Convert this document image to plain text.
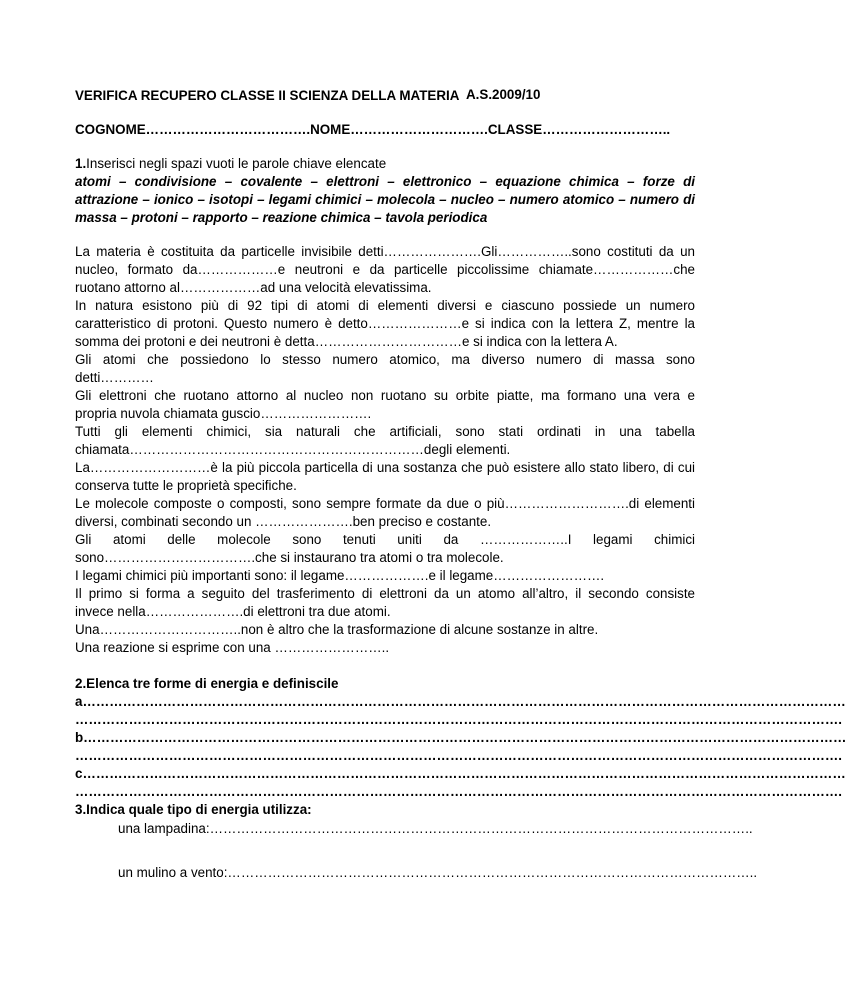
VERIFICA RECUPERO CLASSE II SCIENZA DELLA MATERIA A.S.2009/10
COGNOME……………………………….NOME………………………….CLASSE………………………..
1.Inserisci negli spazi vuoti le parole chiave elencate
atomi – condivisione – covalente – elettroni – elettronico – equazione chimica – forze di
attrazione – ionico – isotopi – legami chimici – molecola – nucleo – numero atomico – numero di
massa – protoni – rapporto – reazione chimica – tavola periodica
La materia è costituita da particelle invisibile detti………………….Gli……………..sono costituti da un
nucleo, formato da………………e neutroni e da particelle piccolissime chiamate………………che
ruotano attorno al………………ad una velocità elevatissima.
In natura esistono più di 92 tipi di atomi di elementi diversi e ciascuno possiede un numero
caratteristico di protoni. Questo numero è detto…………………e si indica con la lettera Z, mentre la
somma dei protoni e dei neutroni è detta……………………………e si indica con la lettera A.
Gli atomi che possiedono lo stesso numero atomico, ma diverso numero di massa sono
detti…………
Gli elettroni che ruotano attorno al nucleo non ruotano su orbite piatte, ma formano una vera e
propria nuvola chiamata guscio…………………….
Tutti gli elementi chimici, sia naturali che artificiali, sono stati ordinati in una tabella
chiamata…………………………………………………………degli elementi.
La………………………è la più piccola particella di una sostanza che può esistere allo stato libero, di cui
conserva tutte le proprietà specifiche.
Le molecole composte o composti, sono sempre formate da due o più……………………….di elementi
diversi, combinati secondo un ………………….ben preciso e costante.
Gli atomi delle molecole sono tenuti uniti da ………………..I legami chimici
sono…………………………….che si instaurano tra atomi o tra molecole.
I legami chimici più importanti sono: il legame……………….e il legame…………………….
Il primo si forma a seguito del trasferimento di elettroni da un atomo all’altro, il secondo consiste
invece nella………………….di elettroni tra due atomi.
Una…………………………..non è altro che la trasformazione di alcune sostanze in altre.
Una reazione si esprime con una ……………………..
2.Elenca tre forme di energia e definiscile
a………………………………………………………………………………………………………………………………………………………
……………………………………………………………………………………………………………………………………………………….
b………………………………………………………………………………………………………………………………………………………
……………………………………………………………………………………………………………………………………………………….
c………………………………………………………………………………………………………………………………………………………
……………………………………………………………………………………………………………………………………………………….
3.Indica quale tipo di energia utilizza:
una lampadina:…………………………………………………………………………………………………………..
un mulino a vento:………………………………………………………………………………………………………..
